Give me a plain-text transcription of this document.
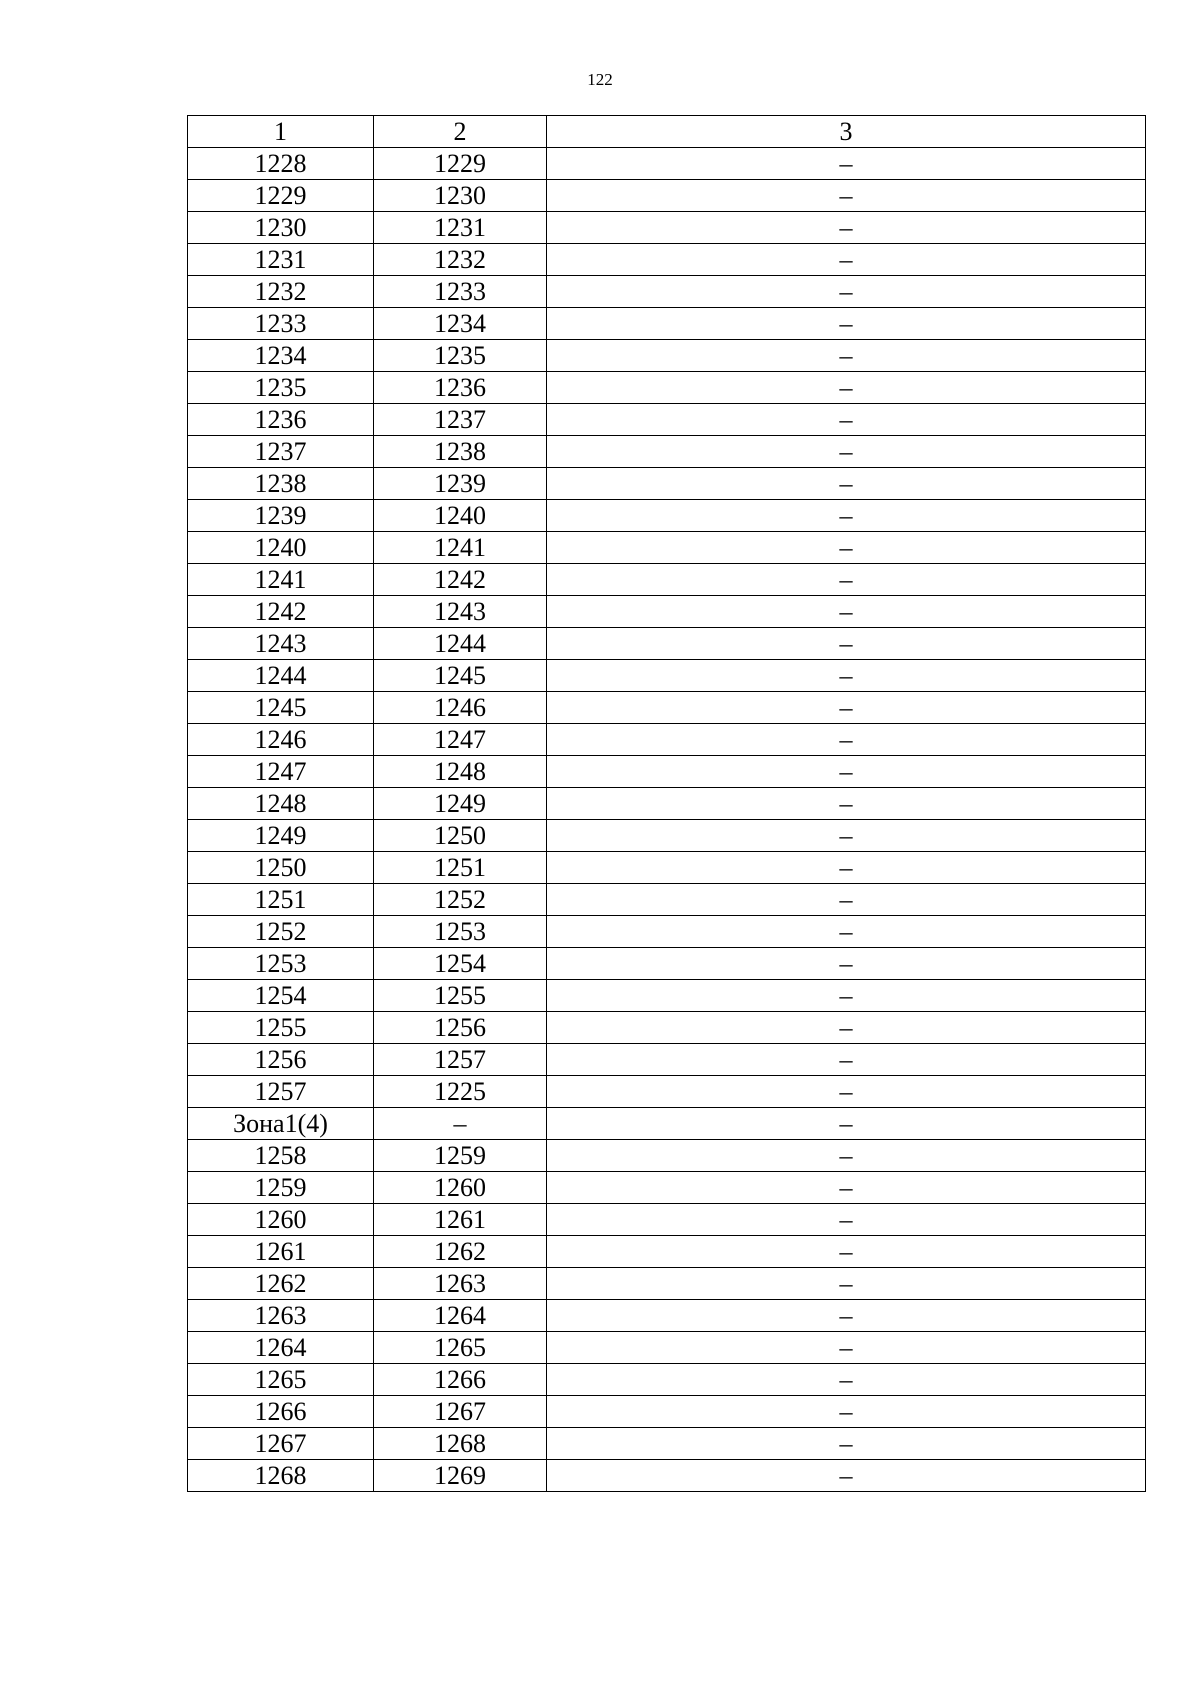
122
1	2	3
1228	1229	–
1229	1230	–
1230	1231	–
1231	1232	–
1232	1233	–
1233	1234	–
1234	1235	–
1235	1236	–
1236	1237	–
1237	1238	–
1238	1239	–
1239	1240	–
1240	1241	–
1241	1242	–
1242	1243	–
1243	1244	–
1244	1245	–
1245	1246	–
1246	1247	–
1247	1248	–
1248	1249	–
1249	1250	–
1250	1251	–
1251	1252	–
1252	1253	–
1253	1254	–
1254	1255	–
1255	1256	–
1256	1257	–
1257	1225	–
Зона1(4)	–	–
1258	1259	–
1259	1260	–
1260	1261	–
1261	1262	–
1262	1263	–
1263	1264	–
1264	1265	–
1265	1266	–
1266	1267	–
1267	1268	–
1268	1269	–
